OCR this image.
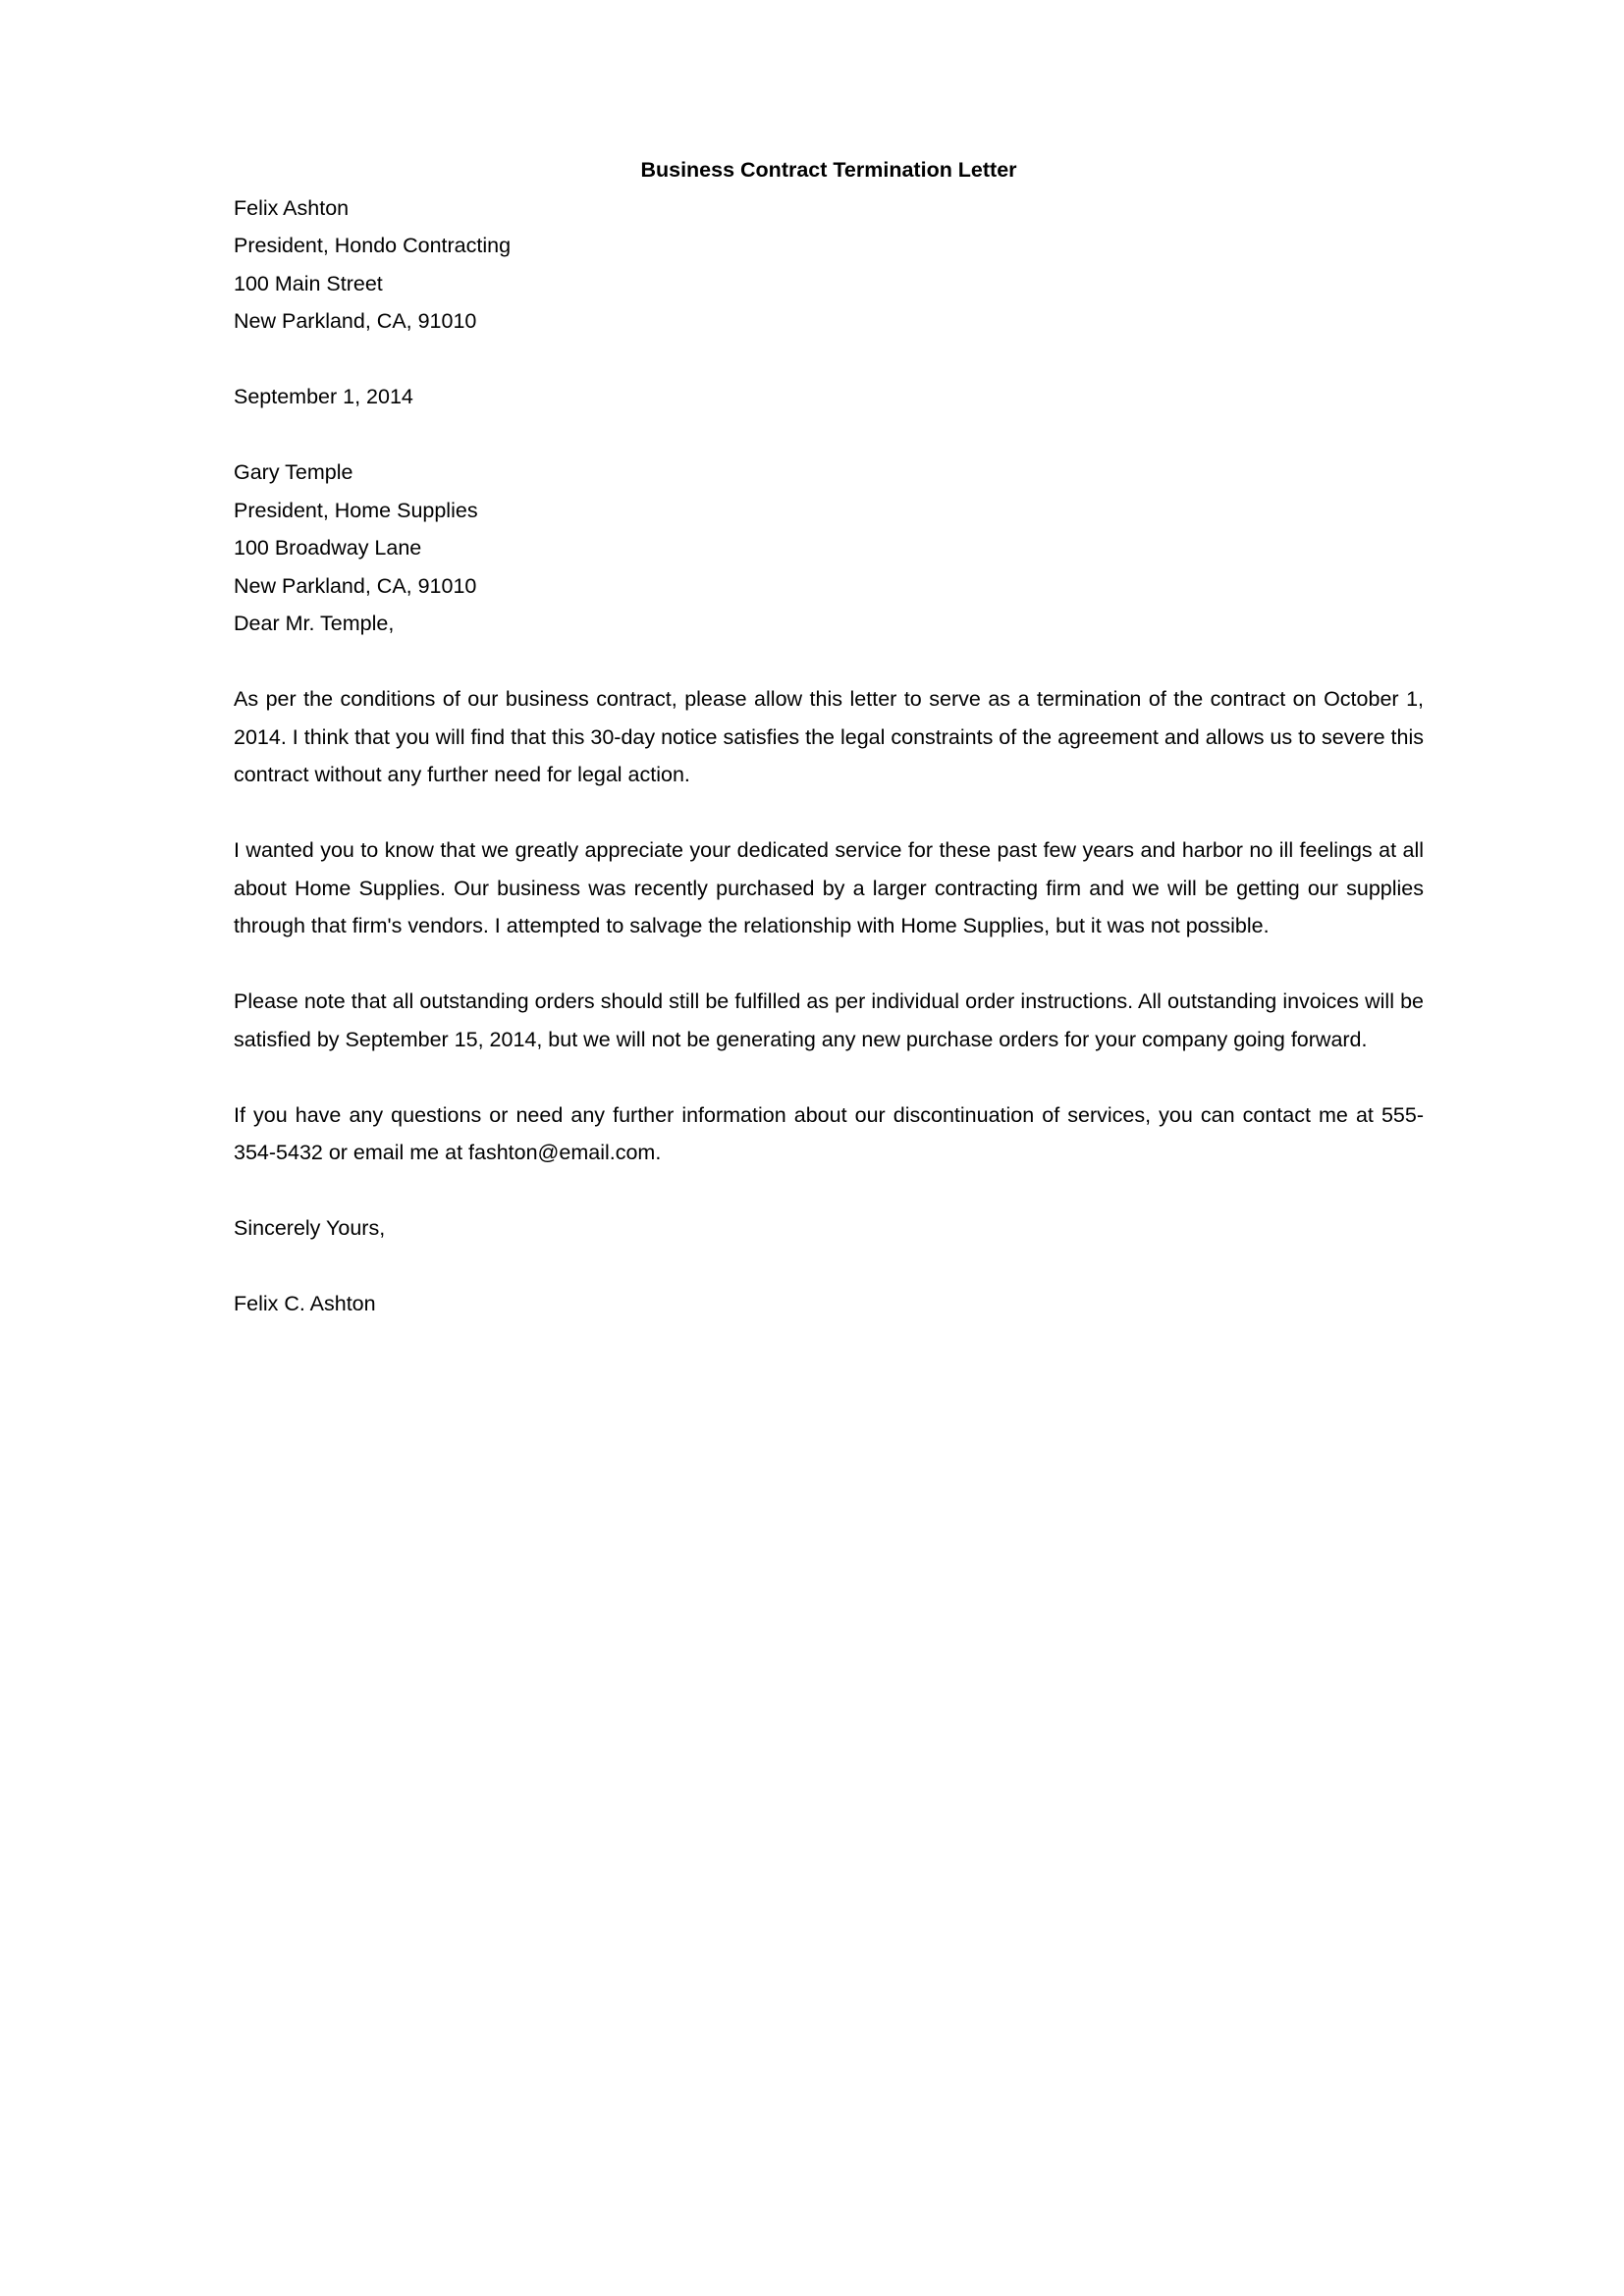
Business Contract Termination Letter

Felix Ashton

President, Hondo Contracting

100 Main Street

New Parkland, CA, 91010

September 1, 2014

Gary Temple

President, Home Supplies

100 Broadway Lane

New Parkland, CA, 91010

Dear Mr. Temple,

As per the conditions of our business contract, please allow this letter to serve as a termination of the contract on October 1, 2014. I think that you will find that this 30-day notice satisfies the legal constraints of the agreement and allows us to severe this contract without any further need for legal action.

I wanted you to know that we greatly appreciate your dedicated service for these past few years and harbor no ill feelings at all about Home Supplies. Our business was recently purchased by a larger contracting firm and we will be getting our supplies through that firm's vendors. I attempted to salvage the relationship with Home Supplies, but it was not possible.

Please note that all outstanding orders should still be fulfilled as per individual order instructions. All outstanding invoices will be satisfied by September 15, 2014, but we will not be generating any new purchase orders for your company going forward.

If you have any questions or need any further information about our discontinuation of services, you can contact me at 555-354-5432 or email me at fashton@email.com.

Sincerely Yours,

Felix C. Ashton
